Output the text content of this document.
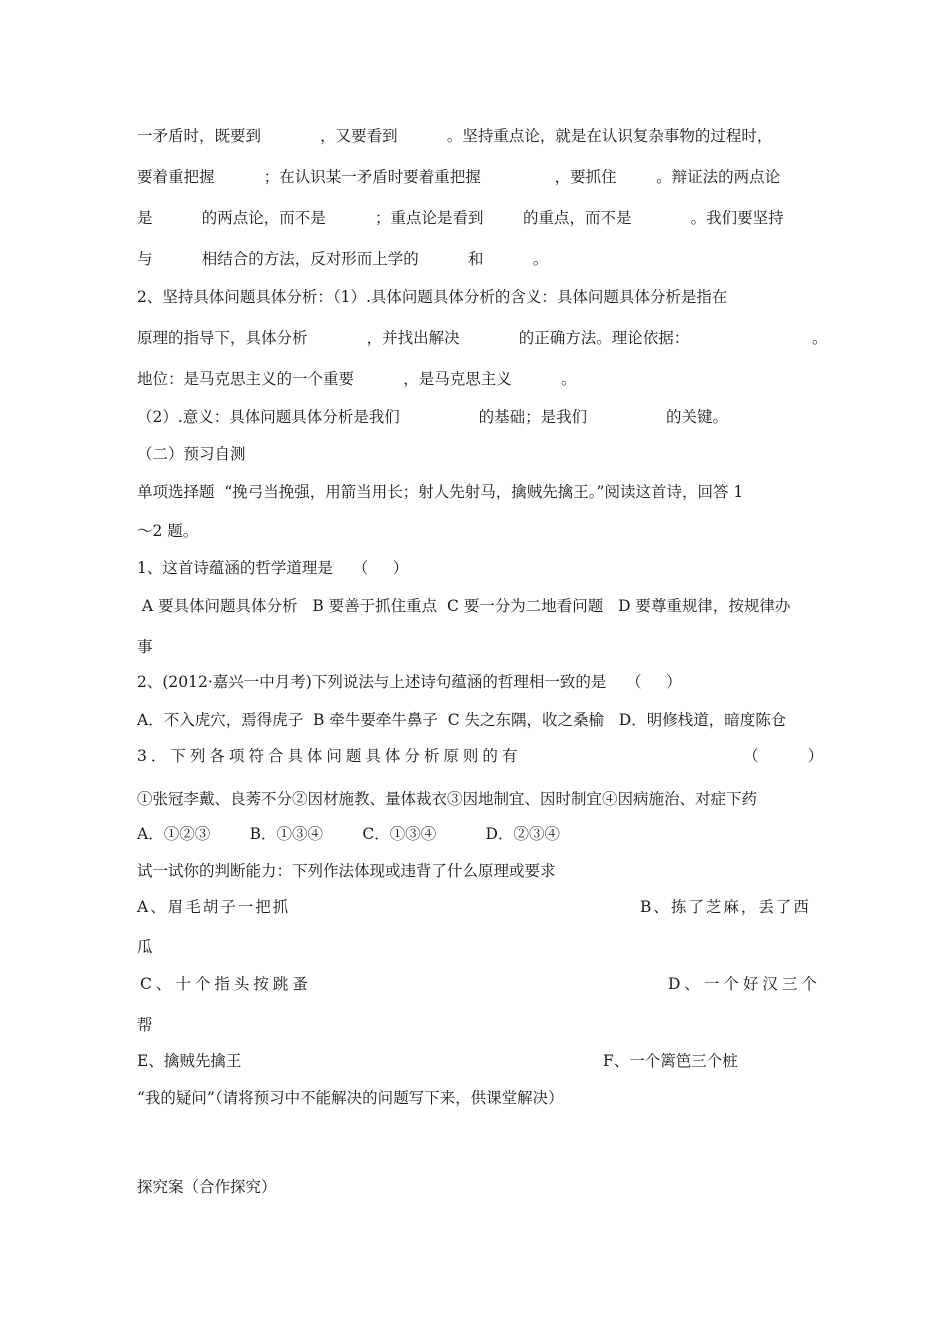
一矛盾时，既要到            ，又要看到          。坚持重点论，就是在认识复杂事物的过程时，
要着重把握          ；在认识某一矛盾时要着重把握               ，要抓住        。辩证法的两点论
是          的两点论，而不是          ；重点论是看到        的重点，而不是            。我们要坚持
与          相结合的方法，反对形而上学的          和          。
2、坚持具体问题具体分析：（1）.具体问题具体分析的含义：具体问题具体分析是指在
原理的指导下，具体分析            ，并找出解决            的正确方法。理论依据：	。
地位：是马克思主义的一个重要          ，是马克思主义          。
（2）.意义：具体问题具体分析是我们                的基础；是我们                的关键。
（二）预习自测
单项选择题  “挽弓当挽强，用箭当用长；射人先射马，擒贼先擒王。”阅读这首诗，回答 1
～2 题。
1、这首诗蕴涵的哲学道理是    （     ）
A 要具体问题具体分析   B 要善于抓住重点  C 要一分为二地看问题   D 要尊重规律，按规律办
事
2、(2012·嘉兴一中月考)下列说法与上述诗句蕴涵的哲理相一致的是    （     ）
A．不入虎穴，焉得虎子  B 牵牛要牵牛鼻子  C 失之东隅，收之桑榆   D．明修栈道，暗度陈仓
3．下列各项符合具体问题具体分析原则的有	（          ）
①张冠李戴、良莠不分②因材施教、量体裁衣③因地制宜、因时制宜④因病施治、对症下药
A．①②③        B．①③④        C．①③④          D．②③④
试一试你的判断能力：下列作法体现或违背了什么原理或要求
A、眉毛胡子一把抓	B、拣了芝麻，丢了西
瓜
C、十个指头按跳蚤	D、一个好汉三个
帮
E、擒贼先擒王	F、一个篱笆三个桩
“我的疑问”（请将预习中不能解决的问题写下来，供课堂解决）
探究案（合作探究）
